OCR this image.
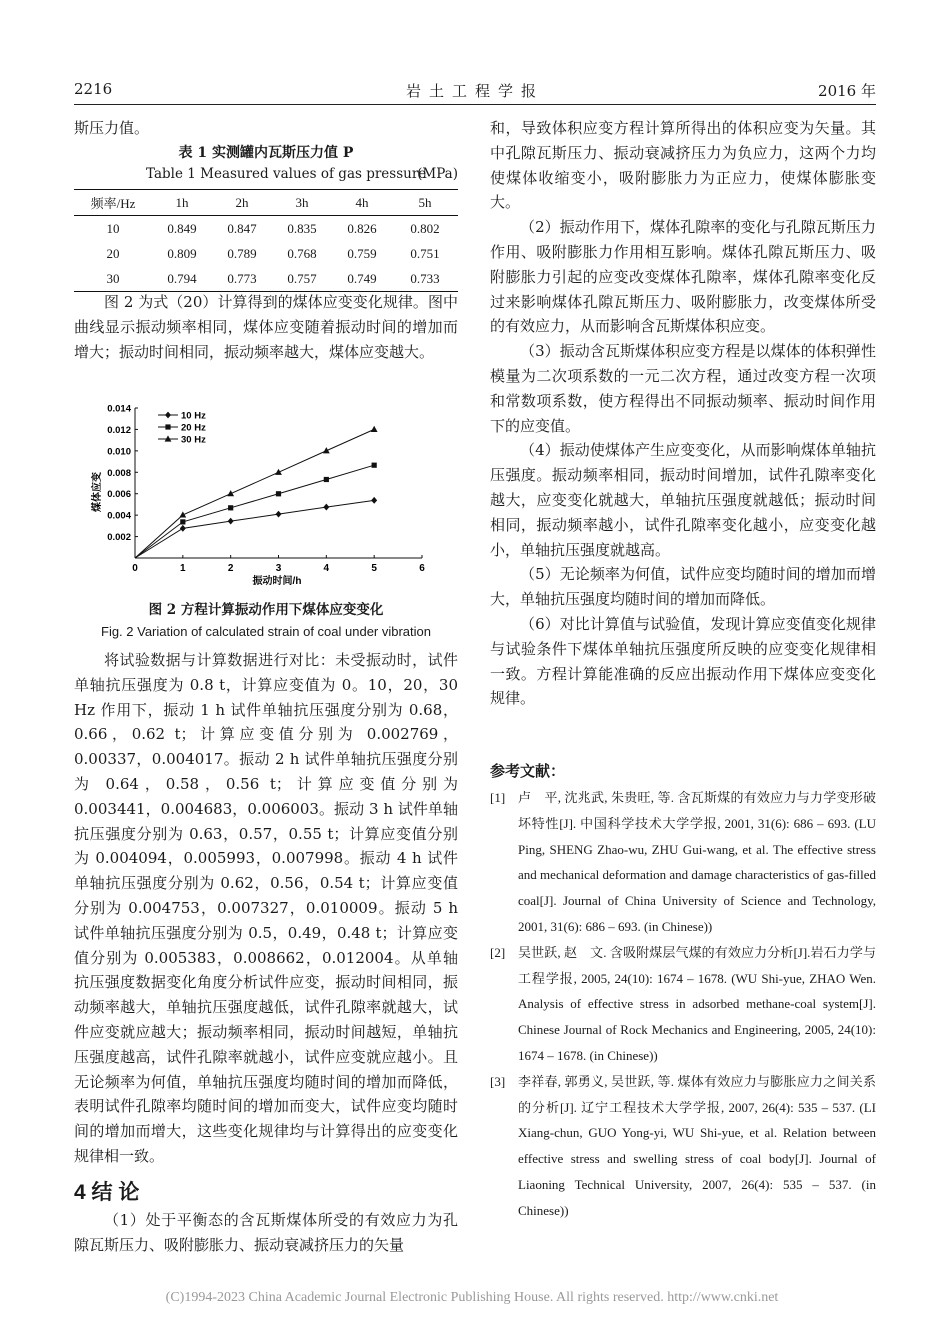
2216	岩土工程学报	2016 年

斯压力值。

表 1 实测罐内瓦斯压力值 P
Table 1 Measured values of gas pressure
(MPa)
频率/Hz	1h	2h	3h	4h	5h
10	0.849	0.847	0.835	0.826	0.802
20	0.809	0.789	0.768	0.759	0.751
30	0.794	0.773	0.757	0.749	0.733

图 2 为式（20）计算得到的煤体应变变化规律。图中曲线显示振动频率相同，煤体应变随着振动时间的增加而增大；振动时间相同，振动频率越大，煤体应变越大。

0	1	2	3	4	5	6
0.002
0.004
0.006
0.008
0.010
0.012
0.014
10 Hz
20 Hz
30 Hz
振动时间/h
煤体应变
图 2 方程计算振动作用下煤体应变变化
Fig. 2 Variation of calculated strain of coal under vibration

将试验数据与计算数据进行对比：未受振动时，试件单轴抗压强度为 0.8 t，计算应变值为 0。10，20，30 Hz 作用下，振动 1 h 试件单轴抗压强度分别为 0.68，0.66，0.62 t；计算应变值分别为 0.002769，0.00337，0.004017。振动 2 h 试件单轴抗压强度分别为 0.64，0.58，0.56 t；计算应变值分别为 0.003441，0.004683，0.006003。振动 3 h 试件单轴抗压强度分别为 0.63，0.57，0.55 t；计算应变值分别为 0.004094，0.005993，0.007998。振动 4 h 试件单轴抗压强度分别为 0.62，0.56，0.54 t；计算应变值分别为 0.004753，0.007327，0.010009。振动 5 h 试件单轴抗压强度分别为 0.5，0.49，0.48 t；计算应变值分别为 0.005383，0.008662，0.012004。从单轴抗压强度数据变化角度分析试件应变，振动时间相同，振动频率越大，单轴抗压强度越低，试件孔隙率就越大，试件应变就应越大；振动频率相同，振动时间越短，单轴抗压强度越高，试件孔隙率就越小，试件应变就应越小。且无论频率为何值，单轴抗压强度均随时间的增加而降低，表明试件孔隙率均随时间的增加而变大，试件应变均随时间的增加而增大，这些变化规律均与计算得出的应变变化规律相一致。

4 结 论

（1）处于平衡态的含瓦斯煤体所受的有效应力为孔隙瓦斯压力、吸附膨胀力、振动衰减挤压力的矢量

和，导致体积应变方程计算所得出的体积应变为矢量。其中孔隙瓦斯压力、振动衰减挤压力为负应力，这两个力均使煤体收缩变小，吸附膨胀力为正应力，使煤体膨胀变大。

（2）振动作用下，煤体孔隙率的变化与孔隙瓦斯压力作用、吸附膨胀力作用相互影响。煤体孔隙瓦斯压力、吸附膨胀力引起的应变改变煤体孔隙率，煤体孔隙率变化反过来影响煤体孔隙瓦斯压力、吸附膨胀力，改变煤体所受的有效应力，从而影响含瓦斯煤体积应变。

（3）振动含瓦斯煤体积应变方程是以煤体的体积弹性模量为二次项系数的一元二次方程，通过改变方程一次项和常数项系数，使方程得出不同振动频率、振动时间作用下的应变值。

（4）振动使煤体产生应变变化，从而影响煤体单轴抗压强度。振动频率相同，振动时间增加，试件孔隙率变化越大，应变变化就越大，单轴抗压强度就越低；振动时间相同，振动频率越小，试件孔隙率变化越小，应变变化越小，单轴抗压强度就越高。

（5）无论频率为何值，试件应变均随时间的增加而增大，单轴抗压强度均随时间的增加而降低。

（6）对比计算值与试验值，发现计算应变值变化规律与试验条件下煤体单轴抗压强度所反映的应变变化规律相一致。方程计算能准确的反应出振动作用下煤体应变变化规律。

参考文献：
[1] 卢　平, 沈兆武, 朱贵旺, 等. 含瓦斯煤的有效应力与力学变形破坏特性[J]. 中国科学技术大学学报, 2001, 31(6): 686 – 693. (LU Ping, SHENG Zhao-wu, ZHU Gui-wang, et al. The effective stress and mechanical deformation and damage characteristics of gas-filled coal[J]. Journal of China University of Science and Technology, 2001, 31(6): 686 – 693. (in Chinese))
[2] 吴世跃, 赵　文. 含吸附煤层气煤的有效应力分析[J].岩石力学与工程学报, 2005, 24(10): 1674 – 1678. (WU Shi-yue, ZHAO Wen. Analysis of effective stress in adsorbed methane-coal system[J]. Chinese Journal of Rock Mechanics and Engineering, 2005, 24(10): 1674 – 1678. (in Chinese))
[3] 李祥春, 郭勇义, 吴世跃, 等. 煤体有效应力与膨胀应力之间关系的分析[J]. 辽宁工程技术大学学报, 2007, 26(4): 535 – 537. (LI Xiang-chun, GUO Yong-yi, WU Shi-yue, et al. Relation between effective stress and swelling stress of coal body[J]. Journal of Liaoning Technical University, 2007, 26(4): 535 – 537. (in Chinese))
(C)1994-2023 China Academic Journal Electronic Publishing House. All rights reserved. http://www.cnki.net
